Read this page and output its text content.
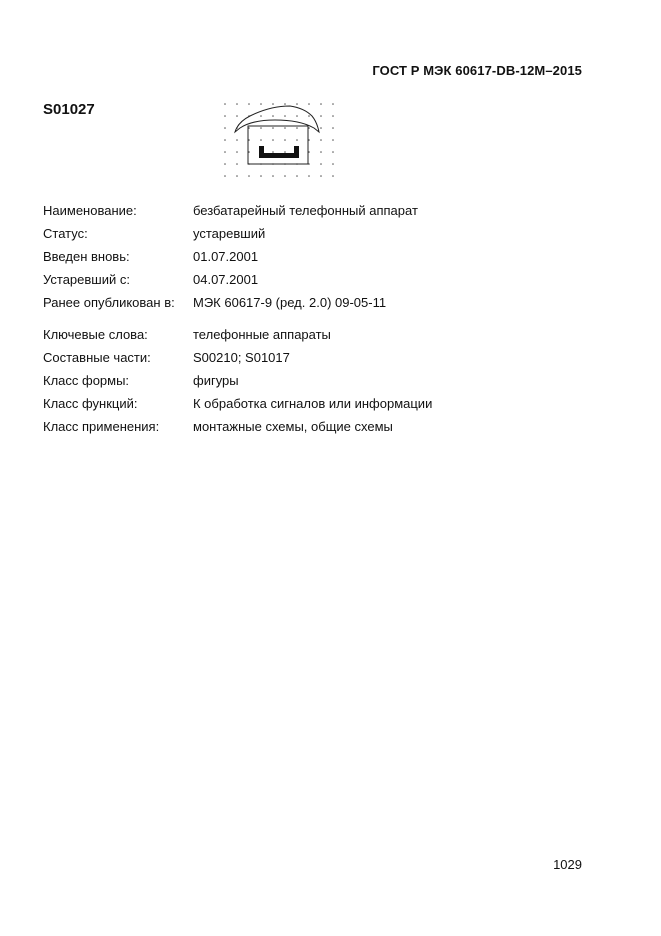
ГОСТ Р МЭК 60617-DB-12M–2015
S01027
Наименование:	безбатарейный телефонный аппарат
Статус:	устаревший
Введен вновь:	01.07.2001
Устаревший с:	04.07.2001
Ранее опубликован в:	МЭК 60617-9 (ред. 2.0) 09-05-11
Ключевые слова:	телефонные аппараты
Составные части:	S00210; S01017
Класс формы:	фигуры
Класс функций:	К обработка сигналов или информации
Класс применения:	монтажные схемы, общие схемы
1029
